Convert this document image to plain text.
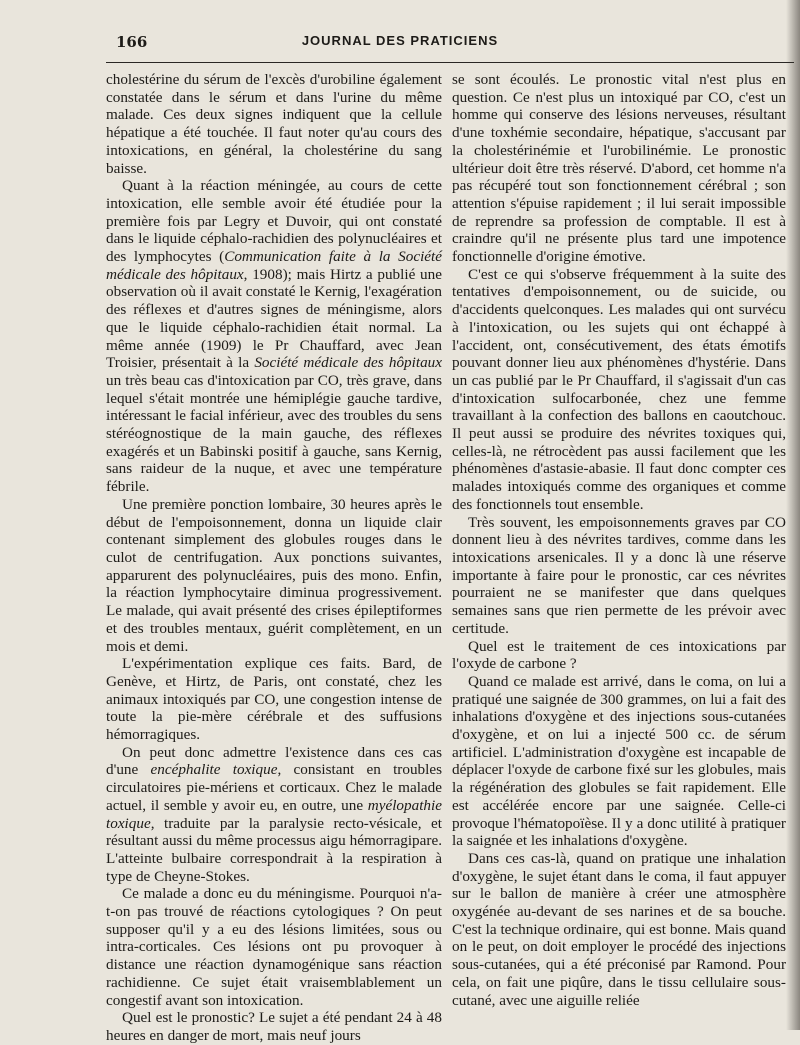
166	JOURNAL DES PRATICIENS

cholestérine du sérum de l'excès d'urobiline également constatée dans le sérum et dans l'urine du même malade. Ces deux signes indiquent que la cellule hépatique a été touchée. Il faut noter qu'au cours des intoxications, en général, la cholestérine du sang baisse.

Quant à la réaction méningée, au cours de cette intoxication, elle semble avoir été étudiée pour la première fois par Legry et Duvoir, qui ont constaté dans le liquide céphalo-rachidien des polynucléaires et des lymphocytes (Communication faite à la Société médicale des hôpitaux, 1908); mais Hirtz a publié une observation où il avait constaté le Kernig, l'exagération des réflexes et d'autres signes de méningisme, alors que le liquide céphalo-rachidien était normal. La même année (1909) le Pr Chauffard, avec Jean Troisier, présentait à la Société médicale des hôpitaux un très beau cas d'intoxication par CO, très grave, dans lequel s'était montrée une hémiplégie gauche tardive, intéressant le facial inférieur, avec des troubles du sens stéréognostique de la main gauche, des réflexes exagérés et un Babinski positif à gauche, sans Kernig, sans raideur de la nuque, et avec une température fébrile.

Une première ponction lombaire, 30 heures après le début de l'empoisonnement, donna un liquide clair contenant simplement des globules rouges dans le culot de centrifugation. Aux ponctions suivantes, apparurent des polynucléaires, puis des mono. Enfin, la réaction lymphocytaire diminua progressivement. Le malade, qui avait présenté des crises épileptiformes et des troubles mentaux, guérit complètement, en un mois et demi.

L'expérimentation explique ces faits. Bard, de Genève, et Hirtz, de Paris, ont constaté, chez les animaux intoxiqués par CO, une congestion intense de toute la pie-mère cérébrale et des suffusions hémorragiques.

On peut donc admettre l'existence dans ces cas d'une encéphalite toxique, consistant en troubles circulatoires pie-mériens et corticaux. Chez le malade actuel, il semble y avoir eu, en outre, une myélopathie toxique, traduite par la paralysie recto-vésicale, et résultant aussi du même processus aigu hémorragipare. L'atteinte bulbaire correspondrait à la respiration à type de Cheyne-Stokes.

Ce malade a donc eu du méningisme. Pourquoi n'a-t-on pas trouvé de réactions cytologiques ? On peut supposer qu'il y a eu des lésions limitées, sous ou intra-corticales. Ces lésions ont pu provoquer à distance une réaction dynamogénique sans réaction rachidienne. Ce sujet était vraisemblablement un congestif avant son intoxication.

Quel est le pronostic? Le sujet a été pendant 24 à 48 heures en danger de mort, mais neuf jours

se sont écoulés. Le pronostic vital n'est plus en question. Ce n'est plus un intoxiqué par CO, c'est un homme qui conserve des lésions nerveuses, résultant d'une toxhémie secondaire, hépatique, s'accusant par la cholestérinémie et l'urobilinémie. Le pronostic ultérieur doit être très réservé. D'abord, cet homme n'a pas récupéré tout son fonctionnement cérébral ; son attention s'épuise rapidement ; il lui serait impossible de reprendre sa profession de comptable. Il est à craindre qu'il ne présente plus tard une impotence fonctionnelle d'origine émotive.

C'est ce qui s'observe fréquemment à la suite des tentatives d'empoisonnement, ou de suicide, ou d'accidents quelconques. Les malades qui ont survécu à l'intoxication, ou les sujets qui ont échappé à l'accident, ont, consécutivement, des états émotifs pouvant donner lieu aux phénomènes d'hystérie. Dans un cas publié par le Pr Chauffard, il s'agissait d'un cas d'intoxication sulfocarbonée, chez une femme travaillant à la confection des ballons en caoutchouc. Il peut aussi se produire des névrites toxiques qui, celles-là, ne rétrocèdent pas aussi facilement que les phénomènes d'astasie-abasie. Il faut donc compter ces malades intoxiqués comme des organiques et comme des fonctionnels tout ensemble.

Très souvent, les empoisonnements graves par CO donnent lieu à des névrites tardives, comme dans les intoxications arsenicales. Il y a donc là une réserve importante à faire pour le pronostic, car ces névrites pourraient ne se manifester que dans quelques semaines sans que rien permette de les prévoir avec certitude.

Quel est le traitement de ces intoxications par l'oxyde de carbone ?

Quand ce malade est arrivé, dans le coma, on lui a pratiqué une saignée de 300 grammes, on lui a fait des inhalations d'oxygène et des injections sous-cutanées d'oxygène, et on lui a injecté 500 cc. de sérum artificiel. L'administration d'oxygène est incapable de déplacer l'oxyde de carbone fixé sur les globules, mais la régénération des globules se fait rapidement. Elle est accélérée encore par une saignée. Celle-ci provoque l'hématopoïèse. Il y a donc utilité à pratiquer la saignée et les inhalations d'oxygène.

Dans ces cas-là, quand on pratique une inhalation d'oxygène, le sujet étant dans le coma, il faut appuyer sur le ballon de manière à créer une atmosphère oxygénée au-devant de ses narines et de sa bouche. C'est la technique ordinaire, qui est bonne. Mais quand on le peut, on doit employer le procédé des injections sous-cutanées, qui a été préconisé par Ramond. Pour cela, on fait une piqûre, dans le tissu cellulaire sous-cutané, avec une aiguille reliée
